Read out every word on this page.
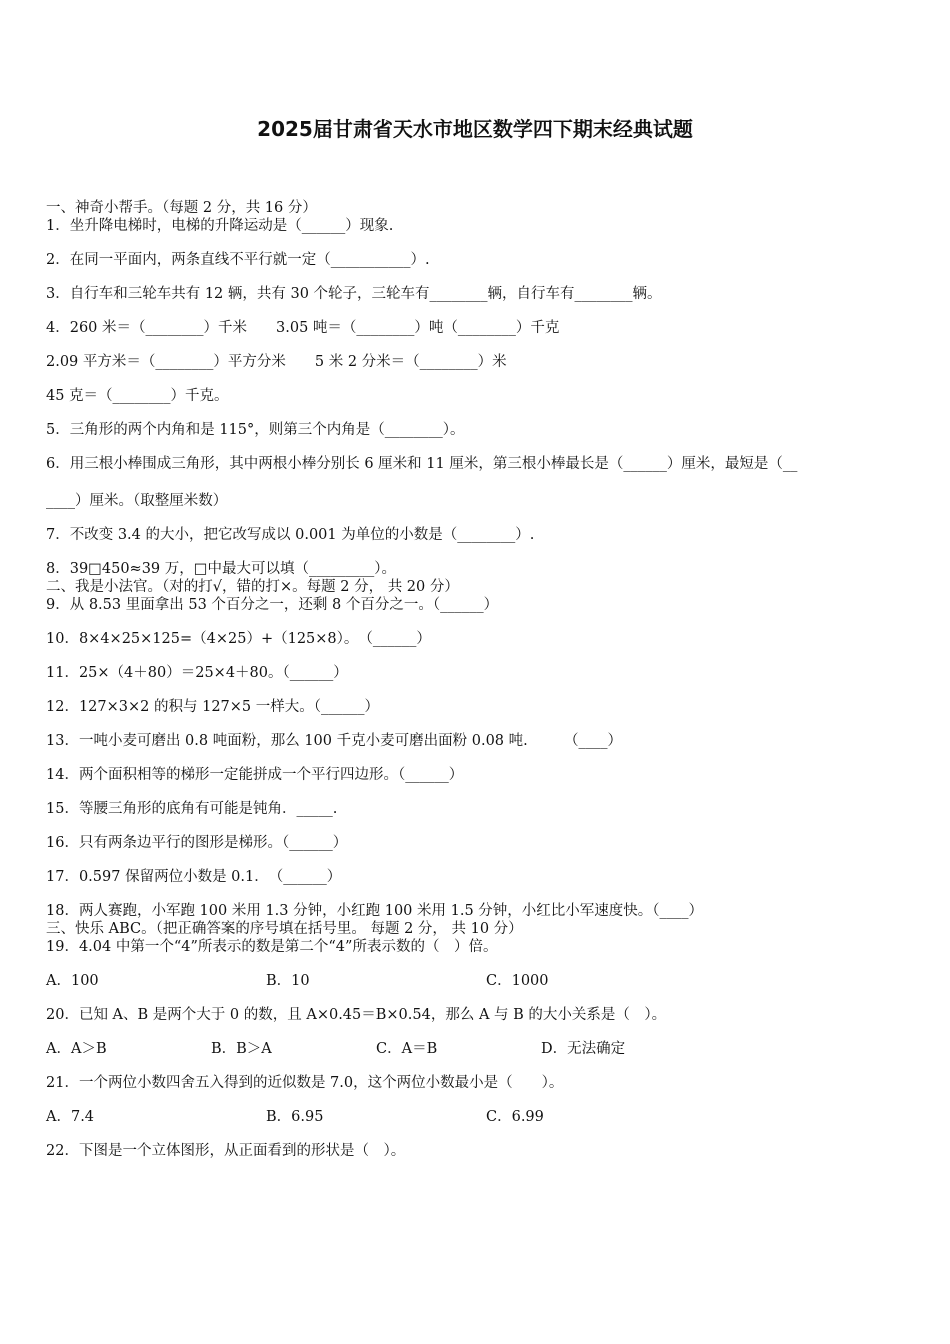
2025届甘肃省天水市地区数学四下期末经典试题

一、神奇小帮手。（每题 2 分，共 16 分）

1．坐升降电梯时，电梯的升降运动是（______）现象.

2．在同一平面内，两条直线不平行就一定（___________）.

3．自行车和三轮车共有 12 辆，共有 30 个轮子，三轮车有________辆，自行车有________辆。

4．260 米＝（________）千米　　3.05 吨＝（________）吨（________）千克

2.09 平方米＝（________）平方分米　　5 米 2 分米＝（________）米

45 克＝（________）千克。

5．三角形的两个内角和是 115°，则第三个内角是（________）。

6．用三根小棒围成三角形，其中两根小棒分别长 6 厘米和 11 厘米，第三根小棒最长是（______）厘米，最短是（__

____）厘米。（取整厘米数）

7．不改变 3.4 的大小，把它改写成以 0.001 为单位的小数是（________）.

8．39□450≈39 万，□中最大可以填（_________）。

二、我是小法官。（对的打√，错的打×。每题 2 分， 共 20 分）

9．从 8.53 里面拿出 53 个百分之一，还剩 8 个百分之一。（______）

10．8×4×25×125=（4×25）+（125×8）。　（______）

11．25×（4＋80）＝25×4＋80。（______）

12．127×3×2 的积与 127×5 一样大。（______）

13．一吨小麦可磨出 0.8 吨面粉，那么 100 千克小麦可磨出面粉 0.08 吨.　　　（____）

14．两个面积相等的梯形一定能拼成一个平行四边形。（______）

15．等腰三角形的底角有可能是钝角．_____.

16．只有两条边平行的图形是梯形。（______）

17．0.597 保留两位小数是 0.1．　（______）

18．两人赛跑，小军跑 100 米用 1.3 分钟，小红跑 100 米用 1.5 分钟，小红比小军速度快。（____）

三、快乐 ABC。（把正确答案的序号填在括号里。 每题 2 分， 共 10 分）

19．4.04 中第一个“4”所表示的数是第二个“4”所表示数的（　）倍。

A．100	B．10	C．1000

20．已知 A、B 是两个大于 0 的数，且 A×0.45＝B×0.54，那么 A 与 B 的大小关系是（　）。

A．A＞B	B．B＞A	C．A＝B	D．无法确定

21．一个两位小数四舍五入得到的近似数是 7.0，这个两位小数最小是（　　）。

A．7.4	B．6.95	C．6.99

22．下图是一个立体图形，从正面看到的形状是（　）。
